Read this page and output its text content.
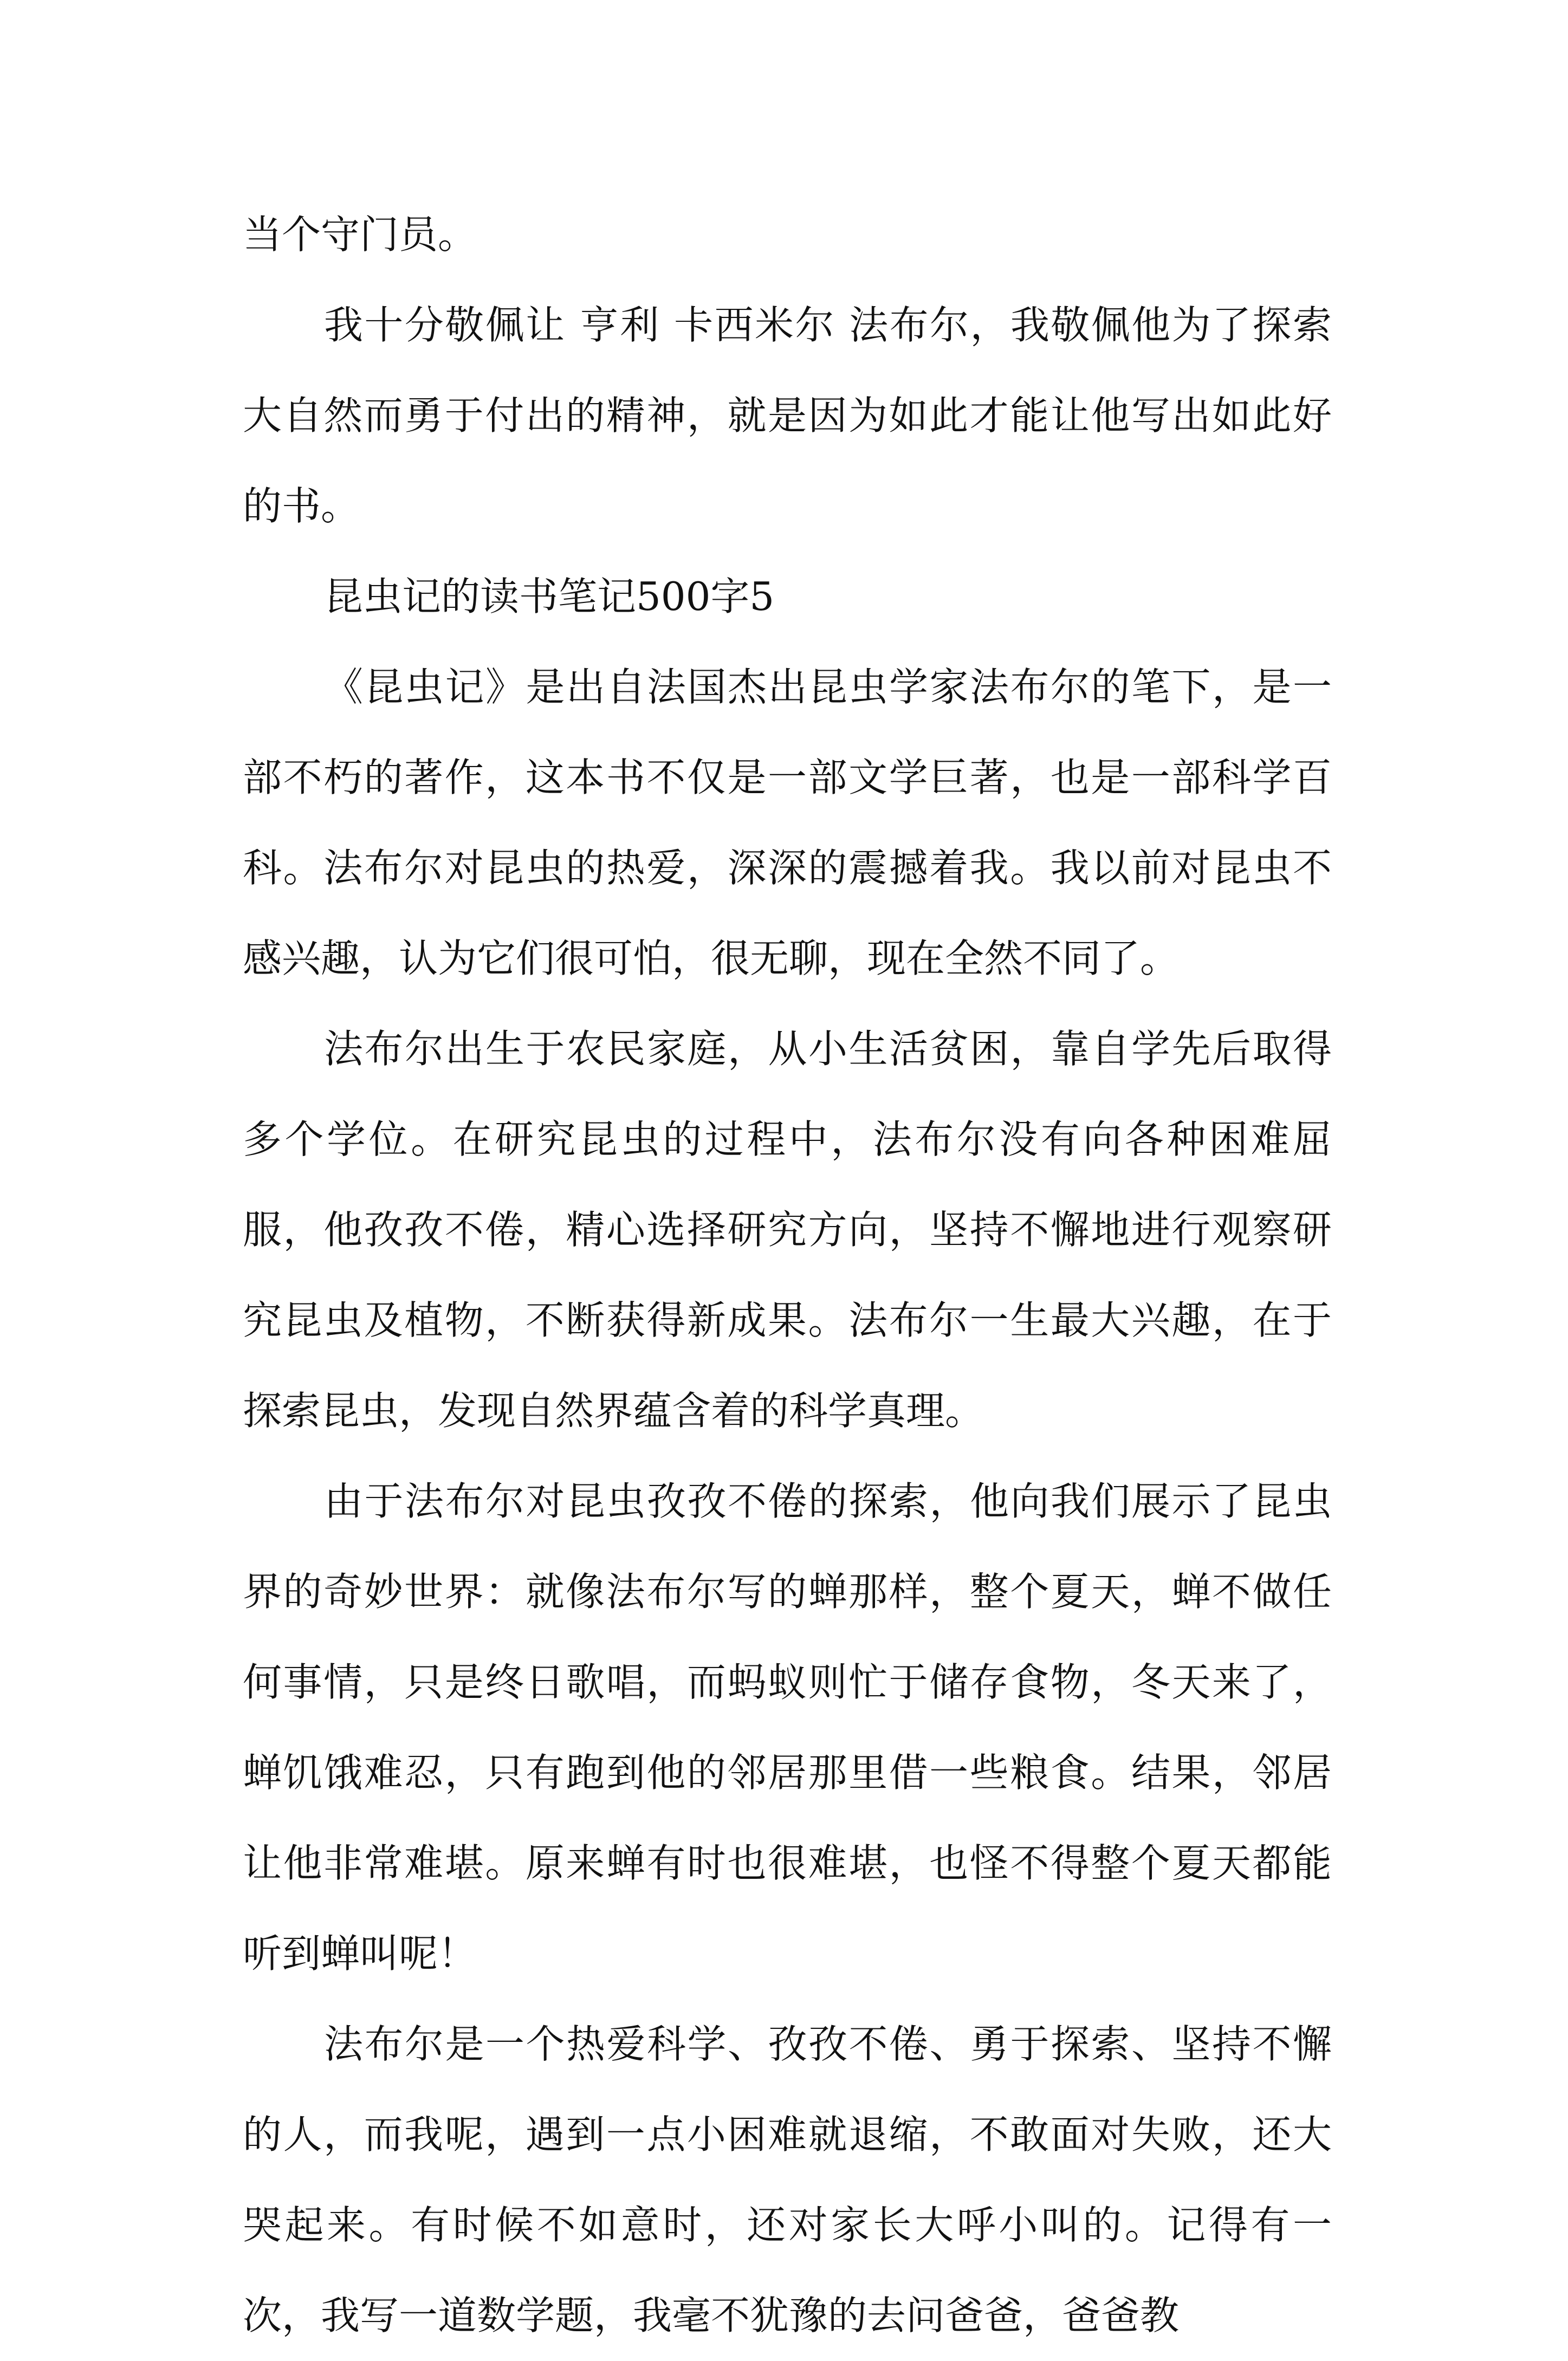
当个守门员。

我十分敬佩让 亨利 卡西米尔 法布尔，我敬佩他为了探索大自然而勇于付出的精神，就是因为如此才能让他写出如此好的书。

昆虫记的读书笔记500字5

《昆虫记》是出自法国杰出昆虫学家法布尔的笔下，是一部不朽的著作，这本书不仅是一部文学巨著，也是一部科学百科。法布尔对昆虫的热爱，深深的震撼着我。我以前对昆虫不感兴趣，认为它们很可怕，很无聊，现在全然不同了。

法布尔出生于农民家庭，从小生活贫困，靠自学先后取得多个学位。在研究昆虫的过程中，法布尔没有向各种困难屈服，他孜孜不倦，精心选择研究方向，坚持不懈地进行观察研究昆虫及植物，不断获得新成果。法布尔一生最大兴趣，在于探索昆虫，发现自然界蕴含着的科学真理。

由于法布尔对昆虫孜孜不倦的探索，他向我们展示了昆虫界的奇妙世界：就像法布尔写的蝉那样，整个夏天，蝉不做任何事情，只是终日歌唱，而蚂蚁则忙于储存食物，冬天来了，蝉饥饿难忍，只有跑到他的邻居那里借一些粮食。结果，邻居让他非常难堪。原来蝉有时也很难堪，也怪不得整个夏天都能听到蝉叫呢！

法布尔是一个热爱科学、孜孜不倦、勇于探索、坚持不懈的人，而我呢，遇到一点小困难就退缩，不敢面对失败，还大哭起来。有时候不如意时，还对家长大呼小叫的。记得有一次，我写一道数学题，我毫不犹豫的去问爸爸，爸爸教
